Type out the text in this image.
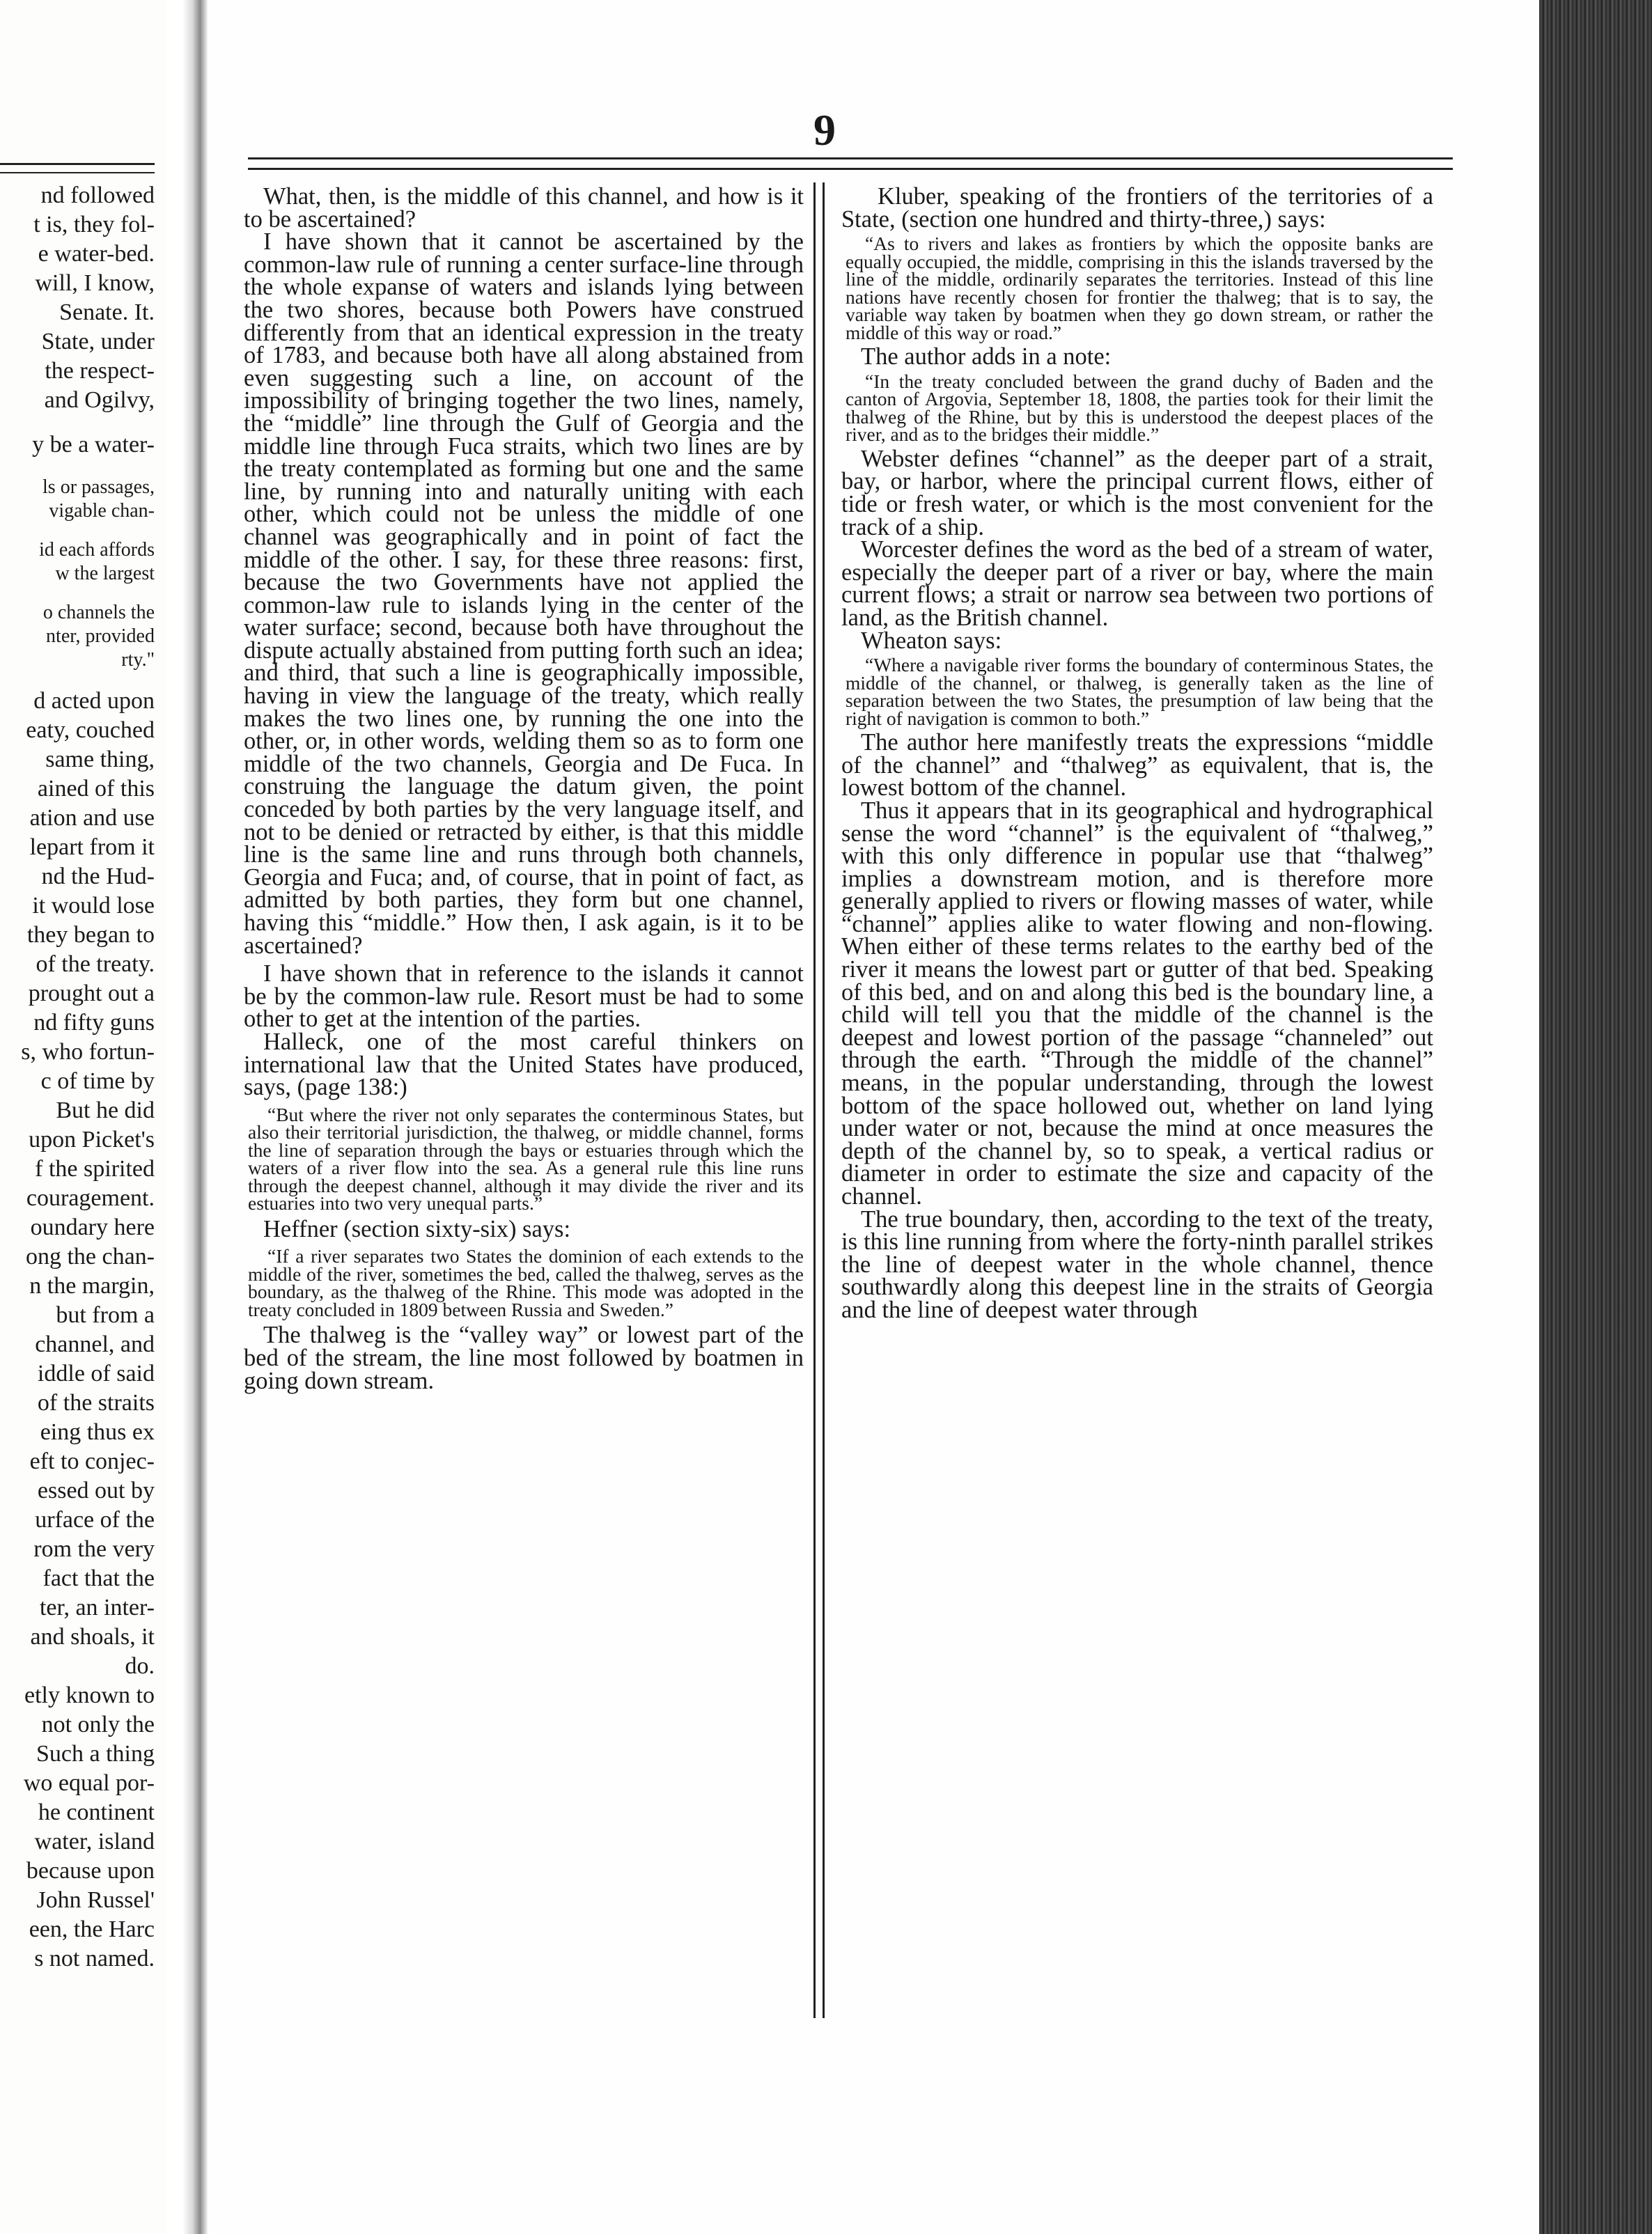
nd followed
t is, they fol-
e water-bed.
will, I know,
Senate. It.
State, under
the respect-
and Ogilvy,
y be a water-
ls or passages,
vigable chan-
id each affords
w the largest
o channels the
nter, provided
rty."
d acted upon
eaty, couched
same thing,
ained of this
ation and use
lepart from it
nd the Hud-
it would lose
they began to
of the treaty.
prought out a
nd fifty guns
s, who fortun-
c of time by
But he did
upon Picket's
f the spirited
couragement.
oundary here
ong the chan-
n the margin,
but from a
channel, and
iddle of said
of the straits
eing thus ex
eft to conjec-
essed out by
urface of the
rom the very
fact that the
ter, an inter-
and shoals, it
do.
etly known to
not only the
Such a thing
wo equal por-
he continent
water, island
because upon
John Russel'
een, the Harc
s not named.
9

What, then, is the middle of this channel, and how is it to be ascertained?

I have shown that it cannot be ascertained by the common-law rule of running a center surface-line through the whole expanse of waters and islands lying between the two shores, because both Powers have construed differently from that an identical expression in the treaty of 1783, and because both have all along abstained from even suggesting such a line, on account of the impossibility of bringing together the two lines, namely, the “middle” line through the Gulf of Georgia and the middle line through Fuca straits, which two lines are by the treaty contemplated as forming but one and the same line, by running into and naturally uniting with each other, which could not be unless the middle of one channel was geographically and in point of fact the middle of the other. I say, for these three reasons: first, because the two Governments have not applied the common-law rule to islands lying in the center of the water surface; second, because both have throughout the dispute actually abstained from putting forth such an idea; and third, that such a line is geographically impossible, having in view the language of the treaty, which really makes the two lines one, by running the one into the other, or, in other words, welding them so as to form one middle of the two channels, Georgia and De Fuca. In construing the language the datum given, the point conceded by both parties by the very language itself, and not to be denied or retracted by either, is that this middle line is the same line and runs through both channels, Georgia and Fuca; and, of course, that in point of fact, as admitted by both parties, they form but one channel, having this “middle.” How then, I ask again, is it to be ascertained?

I have shown that in reference to the islands it cannot be by the common-law rule. Resort must be had to some other to get at the intention of the parties.

Halleck, one of the most careful thinkers on international law that the United States have produced, says, (page 138:)

“But where the river not only separates the conterminous States, but also their territorial jurisdiction, the thalweg, or middle channel, forms the line of separation through the bays or estuaries through which the waters of a river flow into the sea. As a general rule this line runs through the deepest channel, although it may divide the river and its estuaries into two very unequal parts.”

Heffner (section sixty-six) says:

“If a river separates two States the dominion of each extends to the middle of the river, sometimes the bed, called the thalweg, serves as the boundary, as the thalweg of the Rhine. This mode was adopted in the treaty concluded in 1809 between Russia and Sweden.”

The thalweg is the “valley way” or lowest part of the bed of the stream, the line most followed by boatmen in going down stream.

Kluber, speaking of the frontiers of the territories of a State, (section one hundred and thirty-three,) says:

“As to rivers and lakes as frontiers by which the opposite banks are equally occupied, the middle, comprising in this the islands traversed by the line of the middle, ordinarily separates the territories. Instead of this line nations have recently chosen for frontier the thalweg; that is to say, the variable way taken by boatmen when they go down stream, or rather the middle of this way or road.”

The author adds in a note:

“In the treaty concluded between the grand duchy of Baden and the canton of Argovia, September 18, 1808, the parties took for their limit the thalweg of the Rhine, but by this is understood the deepest places of the river, and as to the bridges their middle.”

Webster defines “channel” as the deeper part of a strait, bay, or harbor, where the principal current flows, either of tide or fresh water, or which is the most convenient for the track of a ship.

Worcester defines the word as the bed of a stream of water, especially the deeper part of a river or bay, where the main current flows; a strait or narrow sea between two portions of land, as the British channel.

Wheaton says:

“Where a navigable river forms the boundary of conterminous States, the middle of the channel, or thalweg, is generally taken as the line of separation between the two States, the presumption of law being that the right of navigation is common to both.”

The author here manifestly treats the expressions “middle of the channel” and “thalweg” as equivalent, that is, the lowest bottom of the channel.

Thus it appears that in its geographical and hydrographical sense the word “channel” is the equivalent of “thalweg,” with this only difference in popular use that “thalweg” implies a downstream motion, and is therefore more generally applied to rivers or flowing masses of water, while “channel” applies alike to water flowing and non-flowing. When either of these terms relates to the earthy bed of the river it means the lowest part or gutter of that bed. Speaking of this bed, and on and along this bed is the boundary line, a child will tell you that the middle of the channel is the deepest and lowest portion of the passage “channeled” out through the earth. “Through the middle of the channel” means, in the popular understanding, through the lowest bottom of the space hollowed out, whether on land lying under water or not, because the mind at once measures the depth of the channel by, so to speak, a vertical radius or diameter in order to estimate the size and capacity of the channel.

The true boundary, then, according to the text of the treaty, is this line running from where the forty-ninth parallel strikes the line of deepest water in the whole channel, thence southwardly along this deepest line in the straits of Georgia and the line of deepest water through
